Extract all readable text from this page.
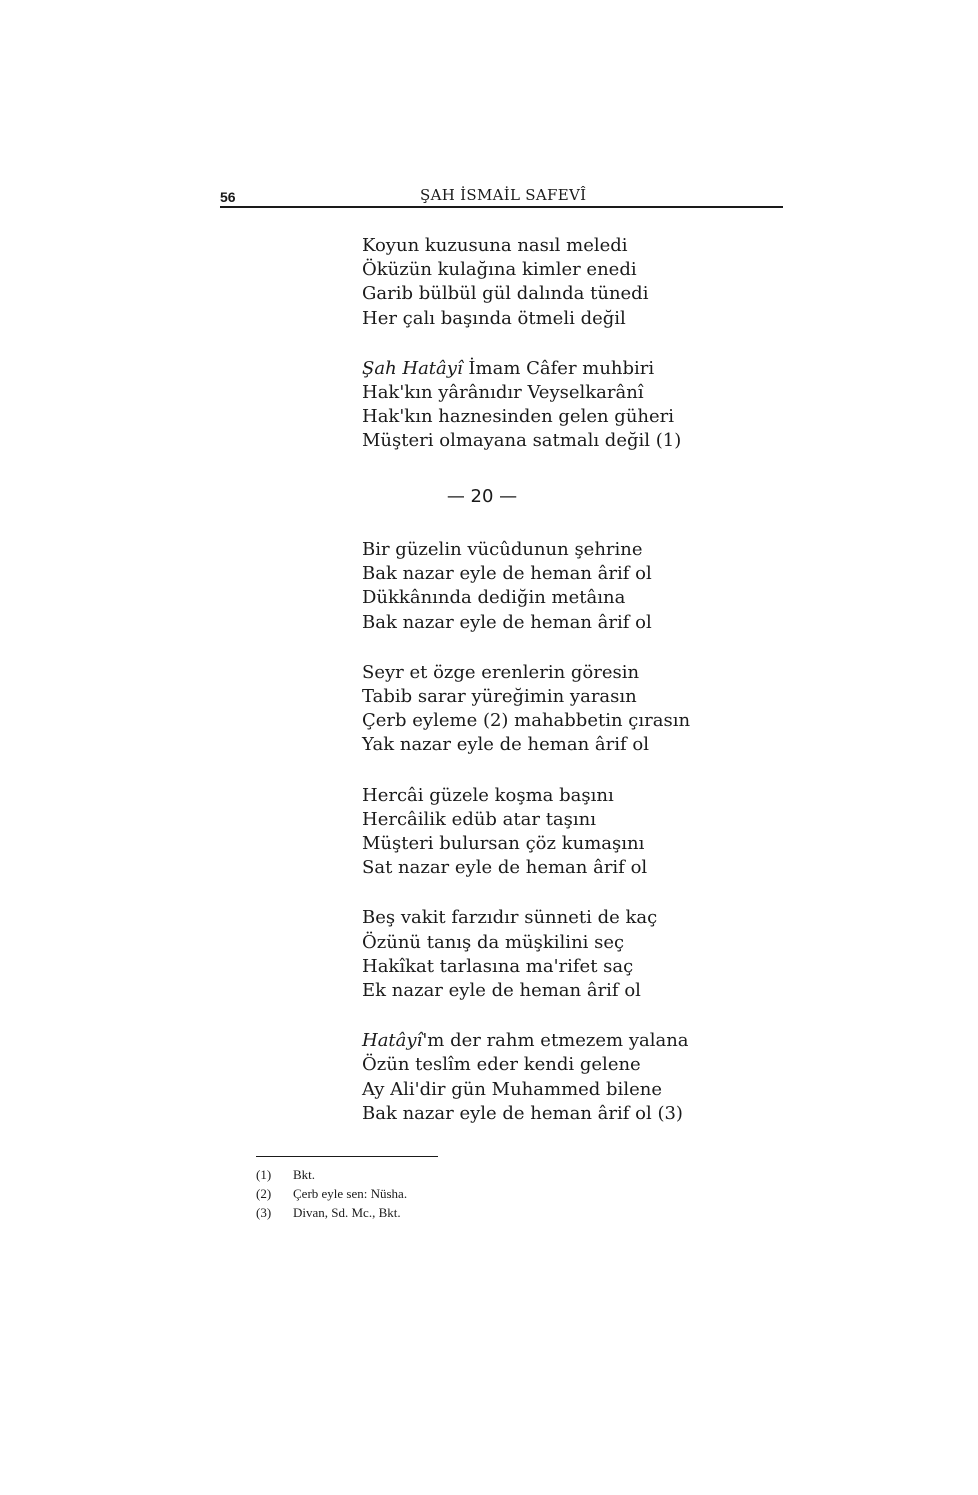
56	ŞAH İSMAİL SAFEVÎ
Koyun kuzusuna nasıl meledi
Öküzün kulağına kimler enedi
Garib bülbül gül dalında tünedi
Her çalı başında ötmeli değil
Şah Hatâyî İmam Câfer muhbiri
Hak'kın yârânıdır Veyselkarânî
Hak'kın haznesinden gelen güheri
Müşteri olmayana satmalı değil (1)
— 20 —
Bir güzelin vücûdunun şehrine
Bak nazar eyle de heman ârif ol
Dükkânında dediğin metâına
Bak nazar eyle de heman ârif ol
Seyr et özge erenlerin göresin
Tabib sarar yüreğimin yarasın
Çerb eyleme (2) mahabbetin çırasın
Yak nazar eyle de heman ârif ol
Hercâi güzele koşma başını
Hercâilik edüb atar taşını
Müşteri bulursan çöz kumaşını
Sat nazar eyle de heman ârif ol
Beş vakit farzıdır sünneti de kaç
Özünü tanış da müşkilini seç
Hakîkat tarlasına ma'rifet saç
Ek nazar eyle de heman ârif ol
Hatâyî'm der rahm etmezem yalana
Özün teslîm eder kendi gelene
Ay Ali'dir gün Muhammed bilene
Bak nazar eyle de heman ârif ol (3)
(1)	Bkt.
(2)	Çerb eyle sen: Nüsha.
(3)	Divan, Sd. Mc., Bkt.
